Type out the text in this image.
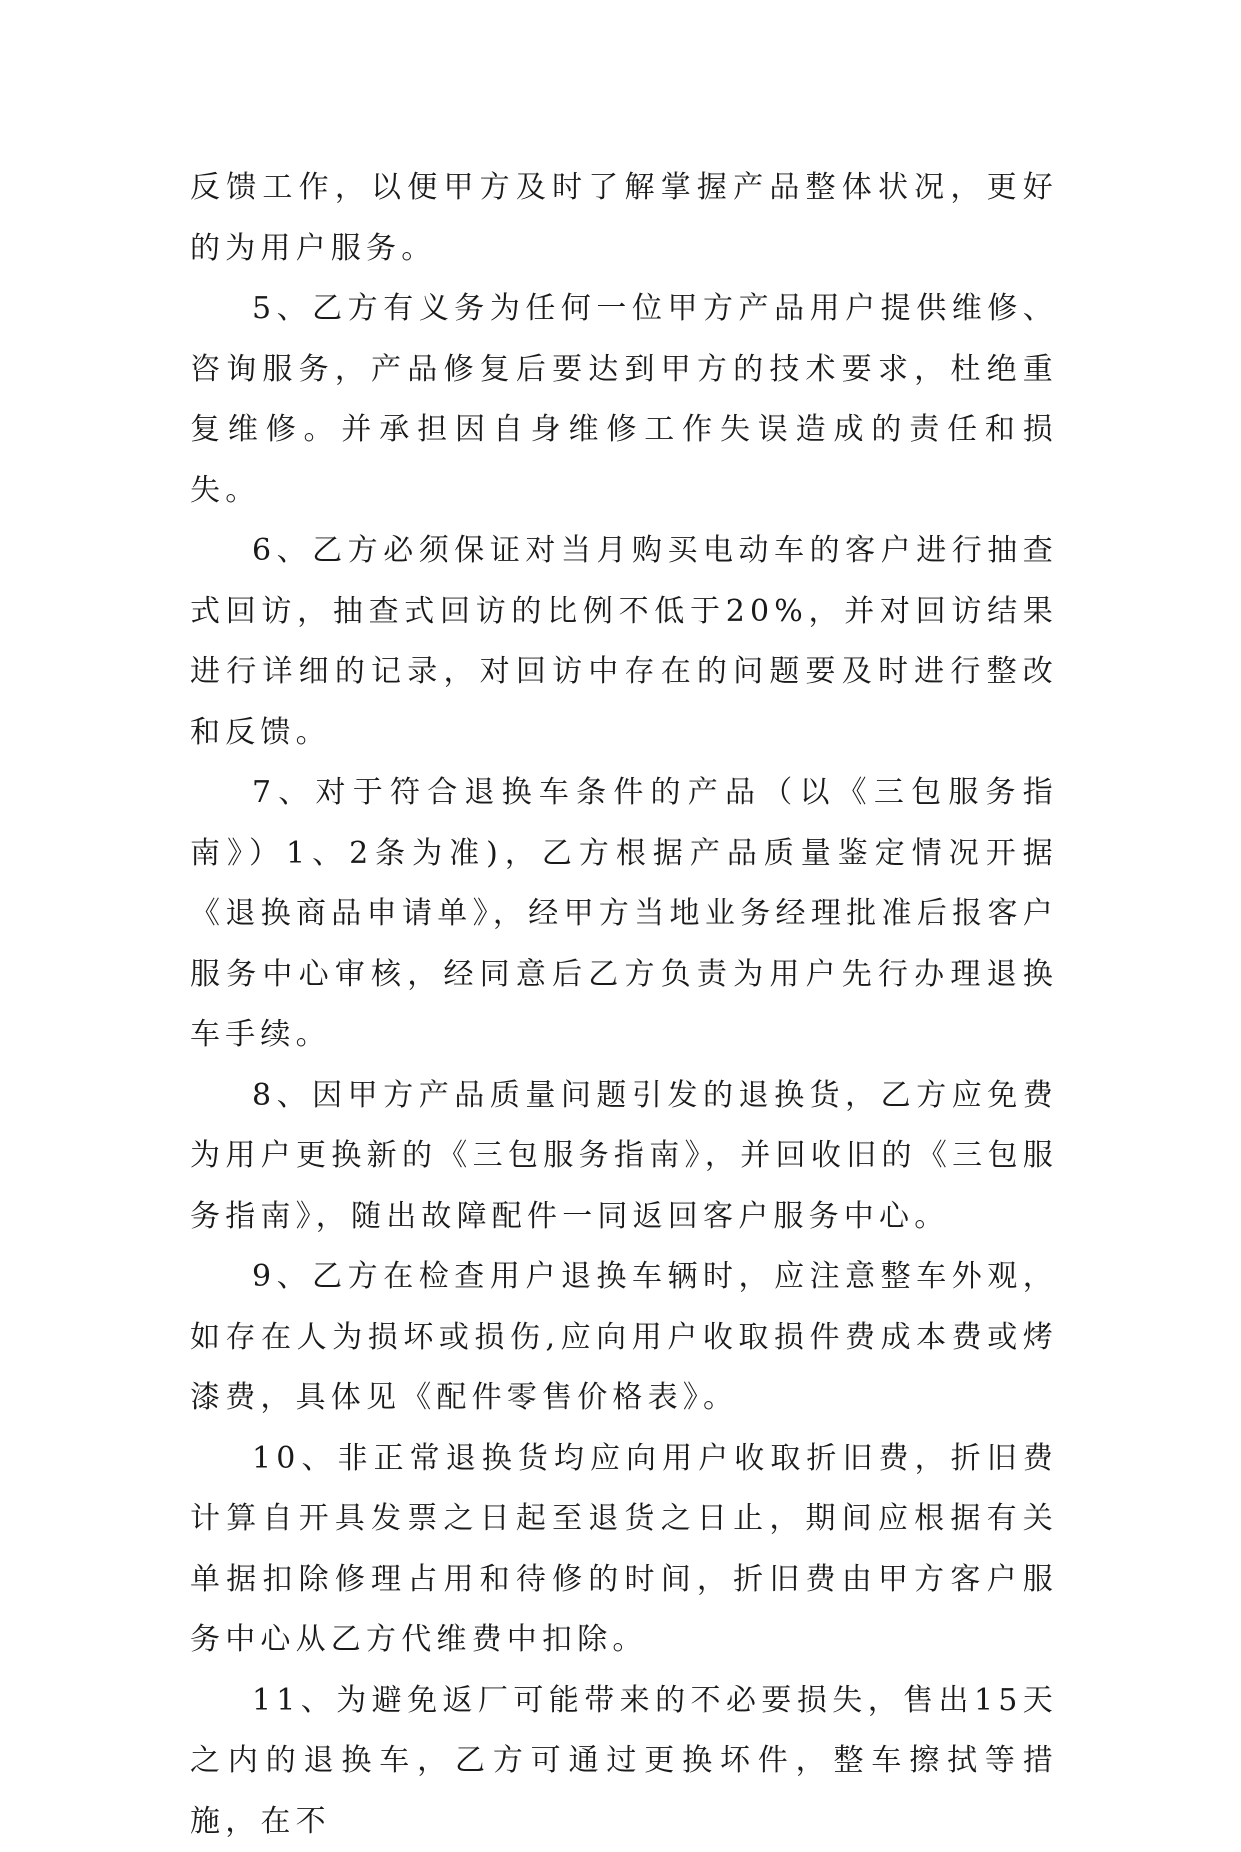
反馈工作，以便甲方及时了解掌握产品整体状况，更好的为用户服务。

5、乙方有义务为任何一位甲方产品用户提供维修、咨询服务，产品修复后要达到甲方的技术要求，杜绝重复维修。并承担因自身维修工作失误造成的责任和损失。

6、乙方必须保证对当月购买电动车的客户进行抽查式回访，抽查式回访的比例不低于20%，并对回访结果进行详细的记录，对回访中存在的问题要及时进行整改和反馈。

7、对于符合退换车条件的产品（以《三包服务指南》）1、2条为准)，乙方根据产品质量鉴定情况开据《退换商品申请单》，经甲方当地业务经理批准后报客户服务中心审核，经同意后乙方负责为用户先行办理退换车手续。

8、因甲方产品质量问题引发的退换货，乙方应免费为用户更换新的《三包服务指南》，并回收旧的《三包服务指南》，随出故障配件一同返回客户服务中心。

9、乙方在检查用户退换车辆时，应注意整车外观，如存在人为损坏或损伤,应向用户收取损件费成本费或烤漆费，具体见《配件零售价格表》。

10、非正常退换货均应向用户收取折旧费，折旧费计算自开具发票之日起至退货之日止，期间应根据有关单据扣除修理占用和待修的时间，折旧费由甲方客户服务中心从乙方代维费中扣除。

11、为避免返厂可能带来的不必要损失，售出15天之内的退换车，乙方可通过更换坏件，整车擦拭等措施，在不
